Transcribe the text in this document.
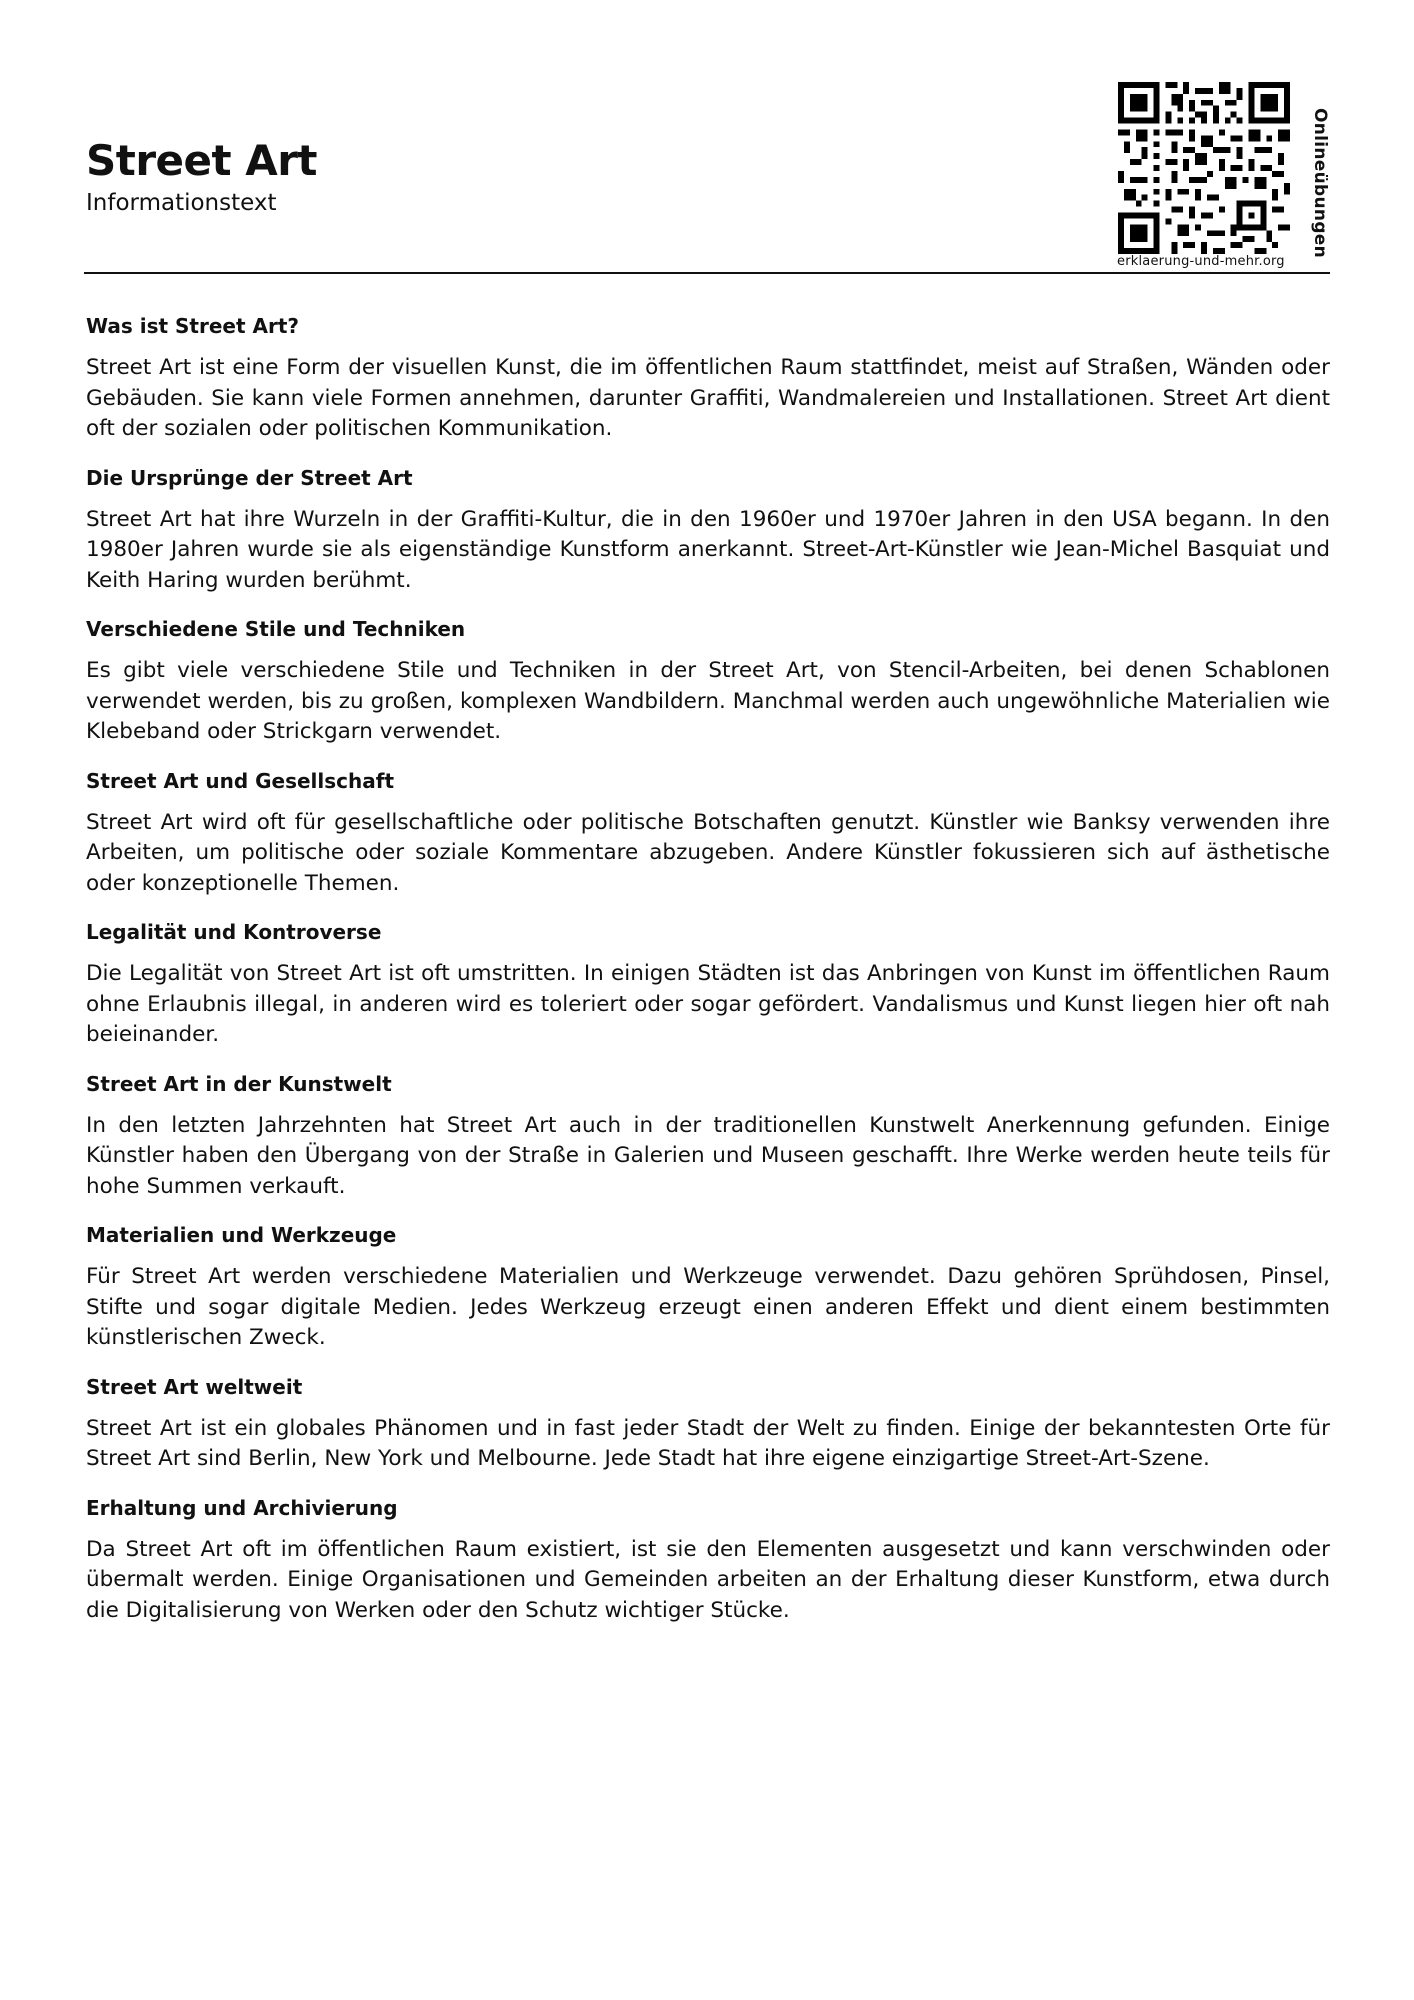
Street Art
Informationstext	Onlineübungen
erklaerung-und-mehr.org
Was ist Street Art?

Street Art ist eine Form der visuellen Kunst, die im öffentlichen Raum stattfindet, meist auf Straßen, Wänden oder Gebäuden. Sie kann viele Formen annehmen, darunter Graffiti, Wandmalereien und Installationen. Street Art dient oft der sozialen oder politischen Kommunikation.

Die Ursprünge der Street Art

Street Art hat ihre Wurzeln in der Graffiti-Kultur, die in den 1960er und 1970er Jahren in den USA begann. In den 1980er Jahren wurde sie als eigenständige Kunstform anerkannt. Street-Art-Künstler wie Jean-Michel Basquiat und Keith Haring wurden berühmt.

Verschiedene Stile und Techniken

Es gibt viele verschiedene Stile und Techniken in der Street Art, von Stencil-Arbeiten, bei denen Schablonen verwendet werden, bis zu großen, komplexen Wandbildern. Manchmal werden auch ungewöhnliche Materialien wie Klebeband oder Strickgarn verwendet.

Street Art und Gesellschaft

Street Art wird oft für gesellschaftliche oder politische Botschaften genutzt. Künstler wie Banksy verwenden ihre Arbeiten, um politische oder soziale Kommentare abzugeben. Andere Künstler fokussieren sich auf ästhetische oder konzeptionelle Themen.

Legalität und Kontroverse

Die Legalität von Street Art ist oft umstritten. In einigen Städten ist das Anbringen von Kunst im öffentlichen Raum ohne Erlaubnis illegal, in anderen wird es toleriert oder sogar gefördert. Vandalismus und Kunst liegen hier oft nah beieinander.

Street Art in der Kunstwelt

In den letzten Jahrzehnten hat Street Art auch in der traditionellen Kunstwelt Anerkennung gefunden. Einige Künstler haben den Übergang von der Straße in Galerien und Museen geschafft. Ihre Werke werden heute teils für hohe Summen verkauft.

Materialien und Werkzeuge

Für Street Art werden verschiedene Materialien und Werkzeuge verwendet. Dazu gehören Sprühdosen, Pinsel, Stifte und sogar digitale Medien. Jedes Werkzeug erzeugt einen anderen Effekt und dient einem bestimmten künstlerischen Zweck.

Street Art weltweit

Street Art ist ein globales Phänomen und in fast jeder Stadt der Welt zu finden. Einige der bekanntesten Orte für Street Art sind Berlin, New York und Melbourne. Jede Stadt hat ihre eigene einzigartige Street-Art-Szene.

Erhaltung und Archivierung

Da Street Art oft im öffentlichen Raum existiert, ist sie den Elementen ausgesetzt und kann verschwinden oder übermalt werden. Einige Organisationen und Gemeinden arbeiten an der Erhaltung dieser Kunstform, etwa durch die Digitalisierung von Werken oder den Schutz wichtiger Stücke.
